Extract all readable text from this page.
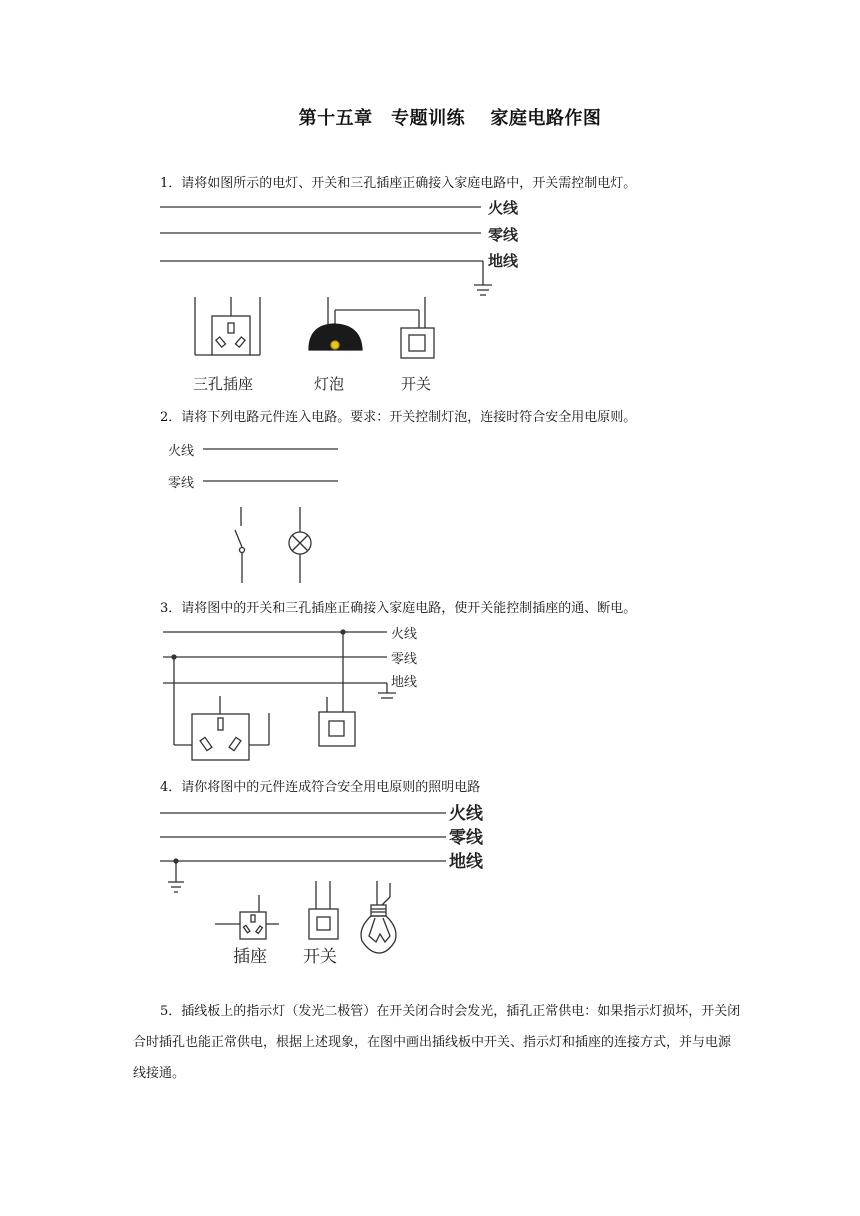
第十五章　专题训练　 家庭电路作图
1．请将如图所示的电灯、开关和三孔插座正确接入家庭电路中，开关需控制电灯。
2．请将下列电路元件连入电路。要求：开关控制灯泡，连接时符合安全用电原则。
3．请将图中的开关和三孔插座正确接入家庭电路，使开关能控制插座的通、断电。
4．请你将图中的元件连成符合安全用电原则的照明电路
5．插线板上的指示灯（发光二极管）在开关闭合时会发光，插孔正常供电：如果指示灯损坏，开关闭合时插孔也能正常供电，根据上述现象，在图中画出插线板中开关、指示灯和插座的连接方式，并与电源线接通。
火线
零线
地线
三孔插座	灯泡	开关
火线
零线
火线
零线
地线
火线
零线
地线
插座 开关
